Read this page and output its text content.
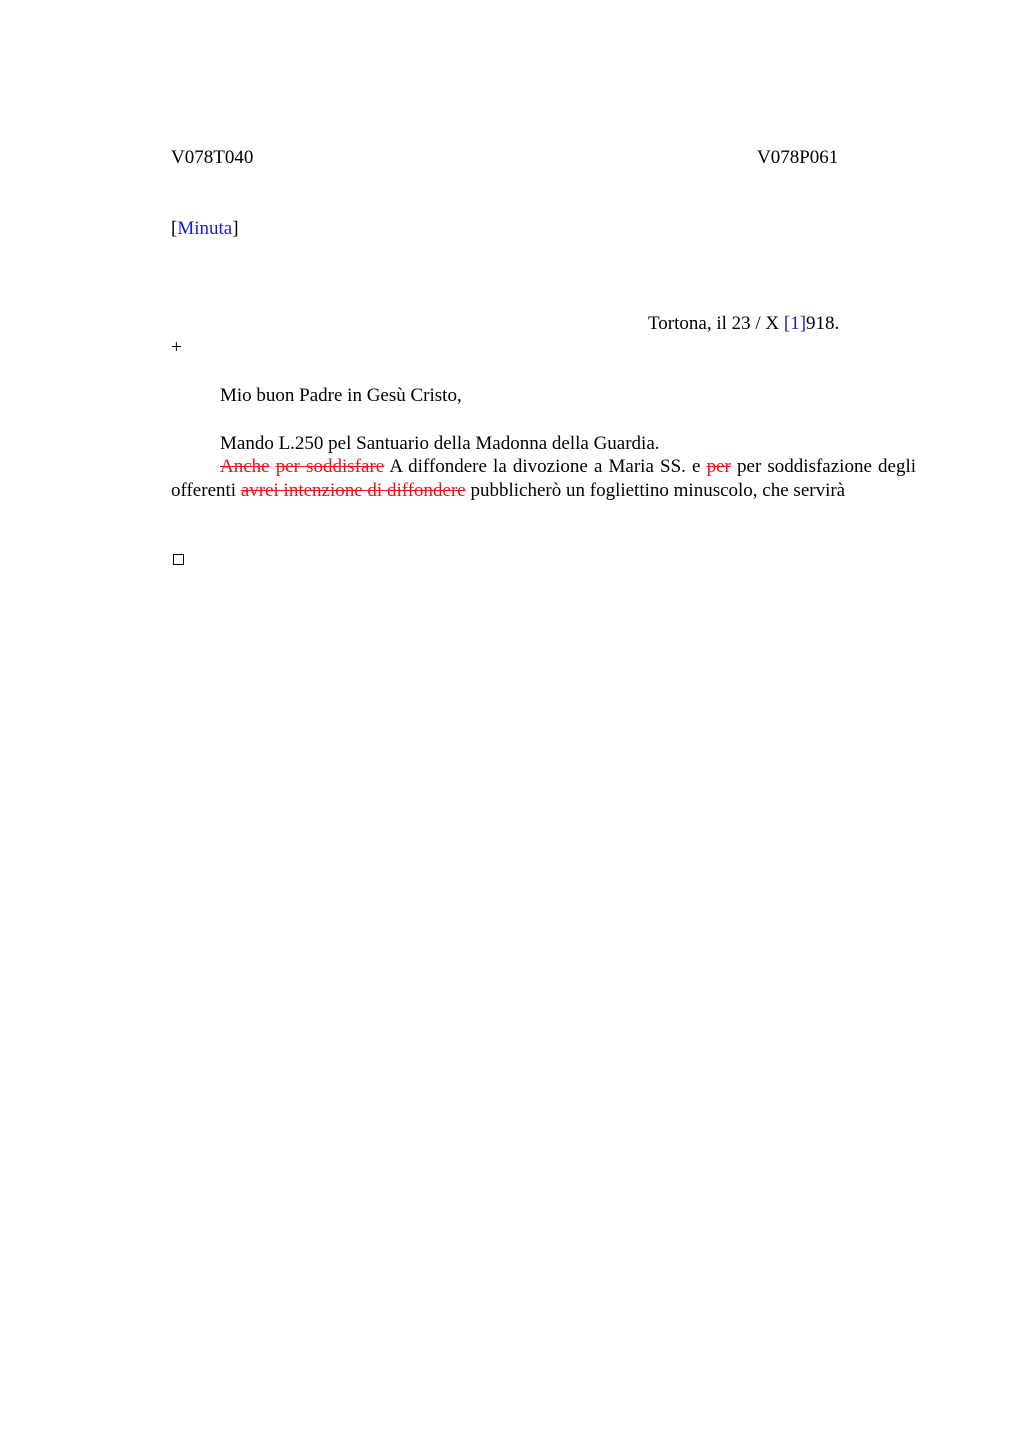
V078T040	V078P061
[Minuta]
Tortona, il 23 / X [1]918.
+
Mio buon Padre in Gesù Cristo,
Mando L.250 pel Santuario della Madonna della Guardia.
Anche per soddisfare A diffondere la divozione a Maria SS. e per per soddisfazione degli offerenti avrei intenzione di diffondere pubblicherò un fogliettino minuscolo, che servirà
